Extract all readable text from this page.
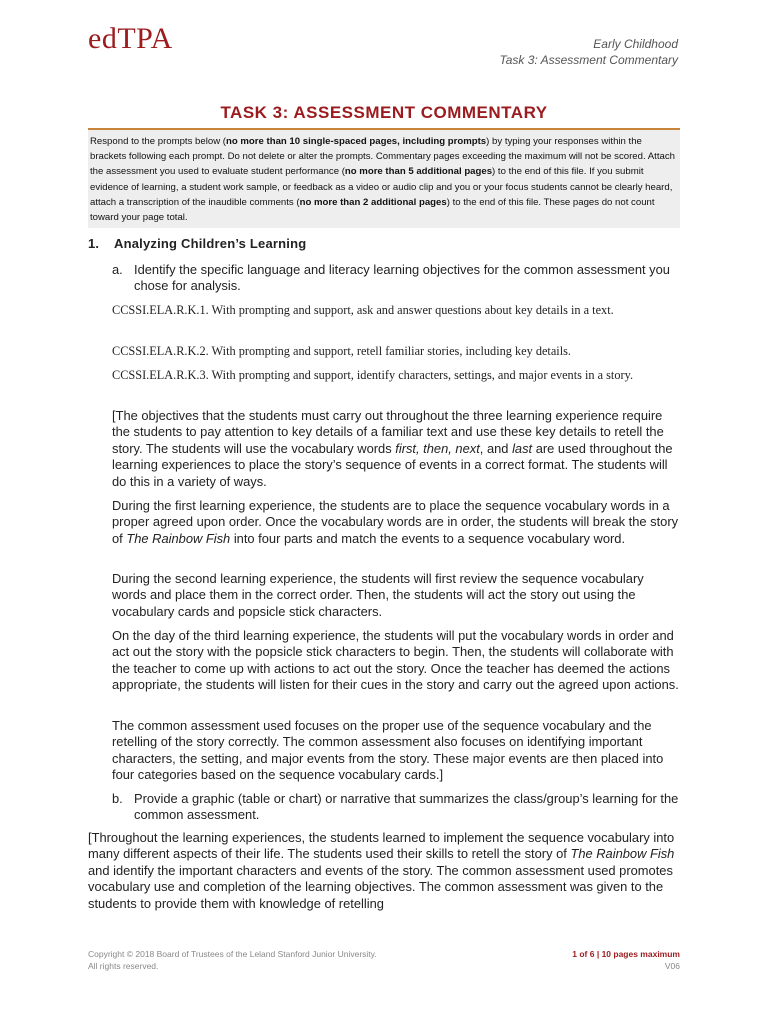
edTPA	Early Childhood
Task 3: Assessment Commentary
TASK 3: ASSESSMENT COMMENTARY
Respond to the prompts below (no more than 10 single-spaced pages, including prompts) by typing your responses within the brackets following each prompt. Do not delete or alter the prompts. Commentary pages exceeding the maximum will not be scored. Attach the assessment you used to evaluate student performance (no more than 5 additional pages) to the end of this file. If you submit evidence of learning, a student work sample, or feedback as a video or audio clip and you or your focus students cannot be clearly heard, attach a transcription of the inaudible comments (no more than 2 additional pages) to the end of this file. These pages do not count toward your page total.
1. Analyzing Children’s Learning
a. Identify the specific language and literacy learning objectives for the common assessment you chose for analysis.
CCSSI.ELA.R.K.1. With prompting and support, ask and answer questions about key details in a text.
CCSSI.ELA.R.K.2. With prompting and support, retell familiar stories, including key details.
CCSSI.ELA.R.K.3. With prompting and support, identify characters, settings, and major events in a story.
[The objectives that the students must carry out throughout the three learning experience require the students to pay attention to key details of a familiar text and use these key details to retell the story. The students will use the vocabulary words first, then, next, and last are used throughout the learning experiences to place the story’s sequence of events in a correct format. The students will do this in a variety of ways.
During the first learning experience, the students are to place the sequence vocabulary words in a proper agreed upon order. Once the vocabulary words are in order, the students will break the story of The Rainbow Fish into four parts and match the events to a sequence vocabulary word.
During the second learning experience, the students will first review the sequence vocabulary words and place them in the correct order. Then, the students will act the story out using the vocabulary cards and popsicle stick characters.
On the day of the third learning experience, the students will put the vocabulary words in order and act out the story with the popsicle stick characters to begin. Then, the students will collaborate with the teacher to come up with actions to act out the story. Once the teacher has deemed the actions appropriate, the students will listen for their cues in the story and carry out the agreed upon actions.
The common assessment used focuses on the proper use of the sequence vocabulary and the retelling of the story correctly. The common assessment also focuses on identifying important characters, the setting, and major events from the story. These major events are then placed into four categories based on the sequence vocabulary cards.]
b. Provide a graphic (table or chart) or narrative that summarizes the class/group’s learning for the common assessment.
[Throughout the learning experiences, the students learned to implement the sequence vocabulary into many different aspects of their life. The students used their skills to retell the story of The Rainbow Fish and identify the important characters and events of the story. The common assessment used promotes vocabulary use and completion of the learning objectives. The common assessment was given to the students to provide them with knowledge of retelling
Copyright © 2018 Board of Trustees of the Leland Stanford Junior University.
All rights reserved.
1 of 6 | 10 pages maximum
V06
